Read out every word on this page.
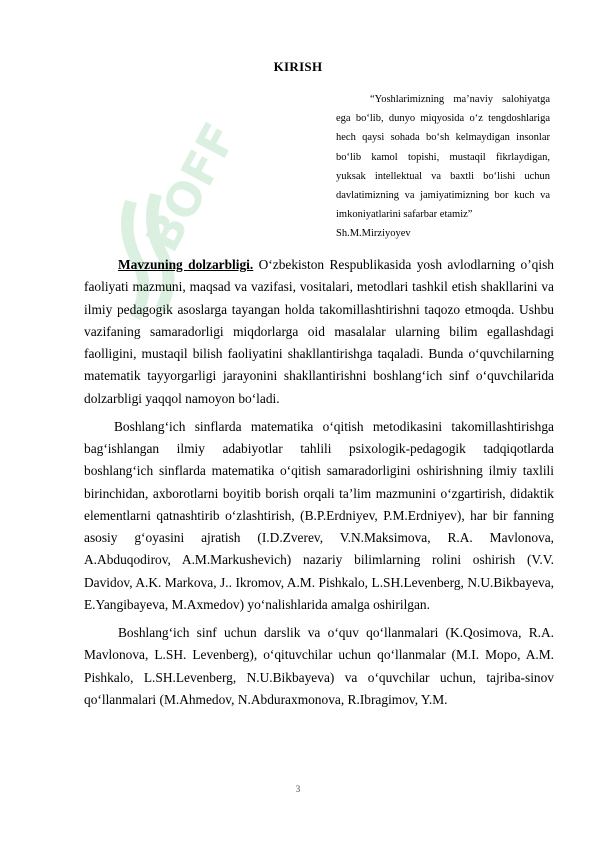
BOFF
KIRISH
“Yoshlarimizning ma’naviy salohiyatga ega bo‘lib, dunyo miqyosida o‘z tengdoshlariga hech qaysi sohada bo‘sh kelmaydigan insonlar bo‘lib kamol topishi, mustaqil fikrlaydigan, yuksak intellektual va baxtli bo‘lishi uchun davlatimizning va jamiyatimizning bor kuch va imkoniyatlarini safarbar etamiz”
Sh.M.Mirziyoyev

Mavzuning dolzarbligi. O‘zbekiston Respublikasida yosh avlodlarning o’qish faoliyati mazmuni, maqsad va vazifasi, vositalari, metodlari tashkil etish shakllarini va ilmiy pedagogik asoslarga tayangan holda takomillashtirishni taqozo etmoqda. Ushbu vazifaning samaradorligi miqdorlarga oid masalalar ularning bilim egallashdagi faolligini, mustaqil bilish faoliyatini shakllantirishga taqaladi. Bunda o‘quvchilarning matematik tayyorgarligi jarayonini shakllantirishni boshlang‘ich sinf o‘quvchilarida dolzarbligi yaqqol namoyon bo‘ladi.

Boshlang‘ich sinflarda matematika o‘qitish metodikasini takomillashtirishga bag‘ishlangan ilmiy adabiyotlar tahlili psixologik-pedagogik tadqiqotlarda boshlang‘ich sinflarda matematika o‘qitish samaradorligini oshirishning ilmiy taxlili birinchidan, axborotlarni boyitib borish orqali ta’lim mazmunini o‘zgartirish, didaktik elementlarni qatnashtirib o‘zlashtirish, (B.P.Erdniyev, P.M.Erdniyev), har bir fanning asosiy g‘oyasini ajratish (I.D.Zverev, V.N.Maksimova, R.A. Mavlonova, A.Abduqodirov, A.M.Markushevich) nazariy bilimlarning rolini oshirish (V.V. Davidov, A.K. Markova, J.. Ikromov, A.M. Pishkalo, L.SH.Levenberg, N.U.Bikbayeva, E.Yangibayeva, M.Axmedov) yo‘nalishlarida amalga oshirilgan.

Boshlang‘ich sinf uchun darslik va o‘quv qo‘llanmalari (K.Qosimova, R.A. Mavlonova, L.SH. Levenberg), o‘qituvchilar uchun qo‘llanmalar (M.I. Mopo, A.M. Pishkalo, L.SH.Levenberg, N.U.Bikbayeva) va o‘quvchilar uchun, tajriba-sinov qo‘llanmalari (M.Ahmedov, N.Abduraxmonova, R.Ibragimov, Y.M.

3
